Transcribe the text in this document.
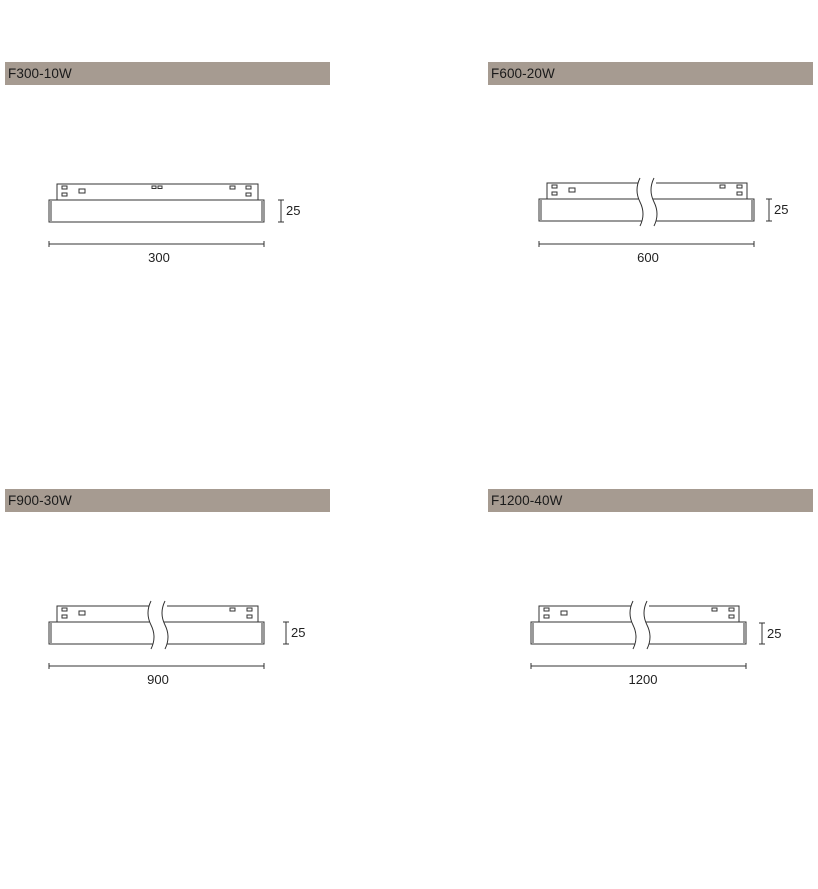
F300-10W
25
300
F600-20W
25
600
F900-30W
25
900
F1200-40W
25
1200
